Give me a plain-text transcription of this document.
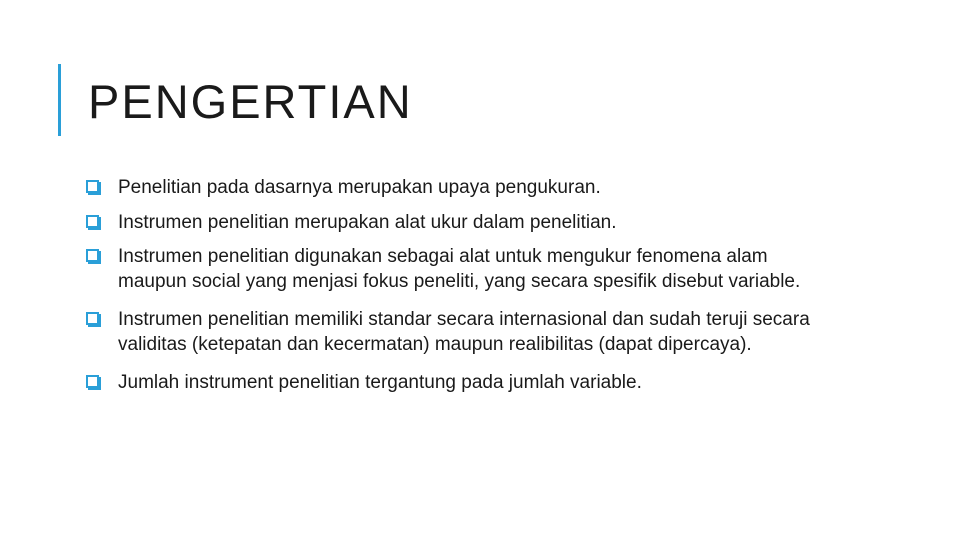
PENGERTIAN
Penelitian pada dasarnya merupakan upaya pengukuran.
Instrumen penelitian merupakan alat ukur dalam penelitian.
Instrumen penelitian digunakan sebagai alat untuk mengukur fenomena alam maupun social yang menjasi fokus peneliti, yang secara spesifik disebut variable.
Instrumen penelitian memiliki standar secara internasional dan sudah teruji secara validitas (ketepatan dan kecermatan) maupun realibilitas (dapat dipercaya).
Jumlah instrument penelitian tergantung pada jumlah variable.
